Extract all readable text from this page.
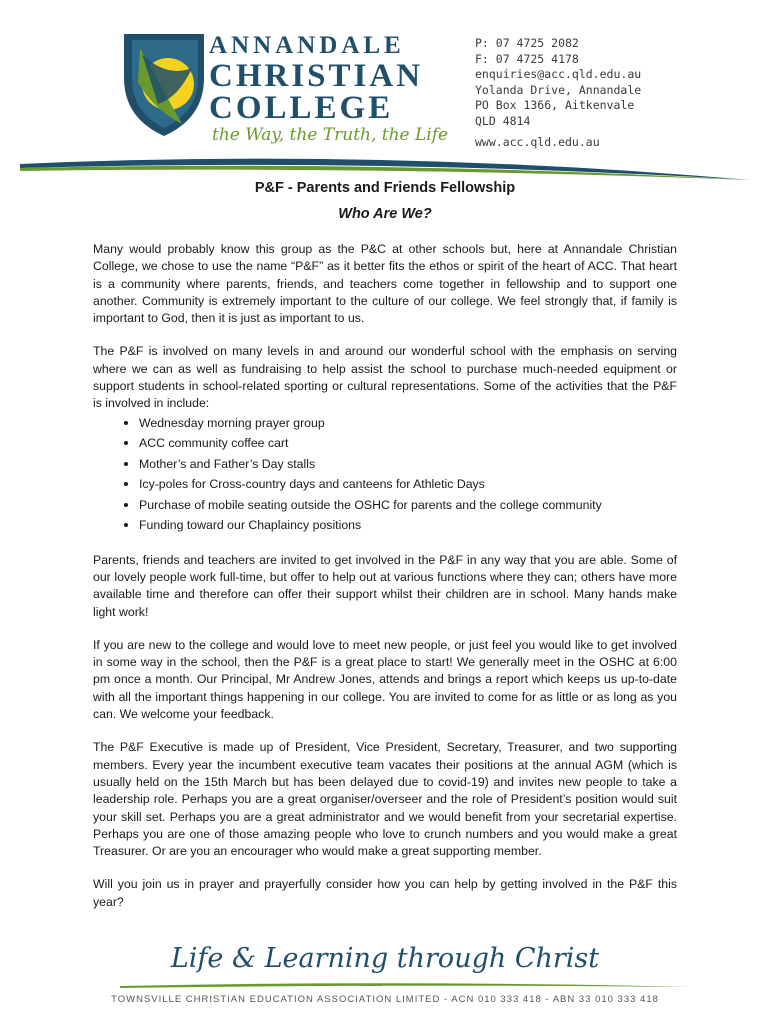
ANNANDALE
CHRISTIAN
COLLEGE
the Way, the Truth, the Life
P: 07 4725 2082
F: 07 4725 4178
enquiries@acc.qld.edu.au
Yolanda Drive, Annandale
PO Box 1366, Aitkenvale
QLD 4814
www.acc.qld.edu.au
P&F - Parents and Friends Fellowship
Who Are We?

Many would probably know this group as the P&C at other schools but, here at Annandale Christian College, we chose to use the name “P&F” as it better fits the ethos or spirit of the heart of ACC. That heart is a community where parents, friends, and teachers come together in fellowship and to support one another. Community is extremely important to the culture of our college. We feel strongly that, if family is important to God, then it is just as important to us.

The P&F is involved on many levels in and around our wonderful school with the emphasis on serving where we can as well as fundraising to help assist the school to purchase much-needed equipment or support students in school-related sporting or cultural representations. Some of the activities that the P&F is involved in include:

• Wednesday morning prayer group
• ACC community coffee cart
• Mother’s and Father’s Day stalls
• Icy-poles for Cross-country days and canteens for Athletic Days
• Purchase of mobile seating outside the OSHC for parents and the college community
• Funding toward our Chaplaincy positions

Parents, friends and teachers are invited to get involved in the P&F in any way that you are able. Some of our lovely people work full-time, but offer to help out at various functions where they can; others have more available time and therefore can offer their support whilst their children are in school. Many hands make light work!

If you are new to the college and would love to meet new people, or just feel you would like to get involved in some way in the school, then the P&F is a great place to start! We generally meet in the OSHC at 6:00 pm once a month. Our Principal, Mr Andrew Jones, attends and brings a report which keeps us up-to-date with all the important things happening in our college. You are invited to come for as little or as long as you can. We welcome your feedback.

The P&F Executive is made up of President, Vice President, Secretary, Treasurer, and two supporting members. Every year the incumbent executive team vacates their positions at the annual AGM (which is usually held on the 15th March but has been delayed due to covid-19) and invites new people to take a leadership role. Perhaps you are a great organiser/overseer and the role of President’s position would suit your skill set. Perhaps you are a great administrator and we would benefit from your secretarial expertise. Perhaps you are one of those amazing people who love to crunch numbers and you would make a great Treasurer. Or are you an encourager who would make a great supporting member.

Will you join us in prayer and prayerfully consider how you can help by getting involved in the P&F this year?

Life & Learning through Christ
TOWNSVILLE CHRISTIAN EDUCATION ASSOCIATION LIMITED - ACN 010 333 418 - ABN 33 010 333 418
